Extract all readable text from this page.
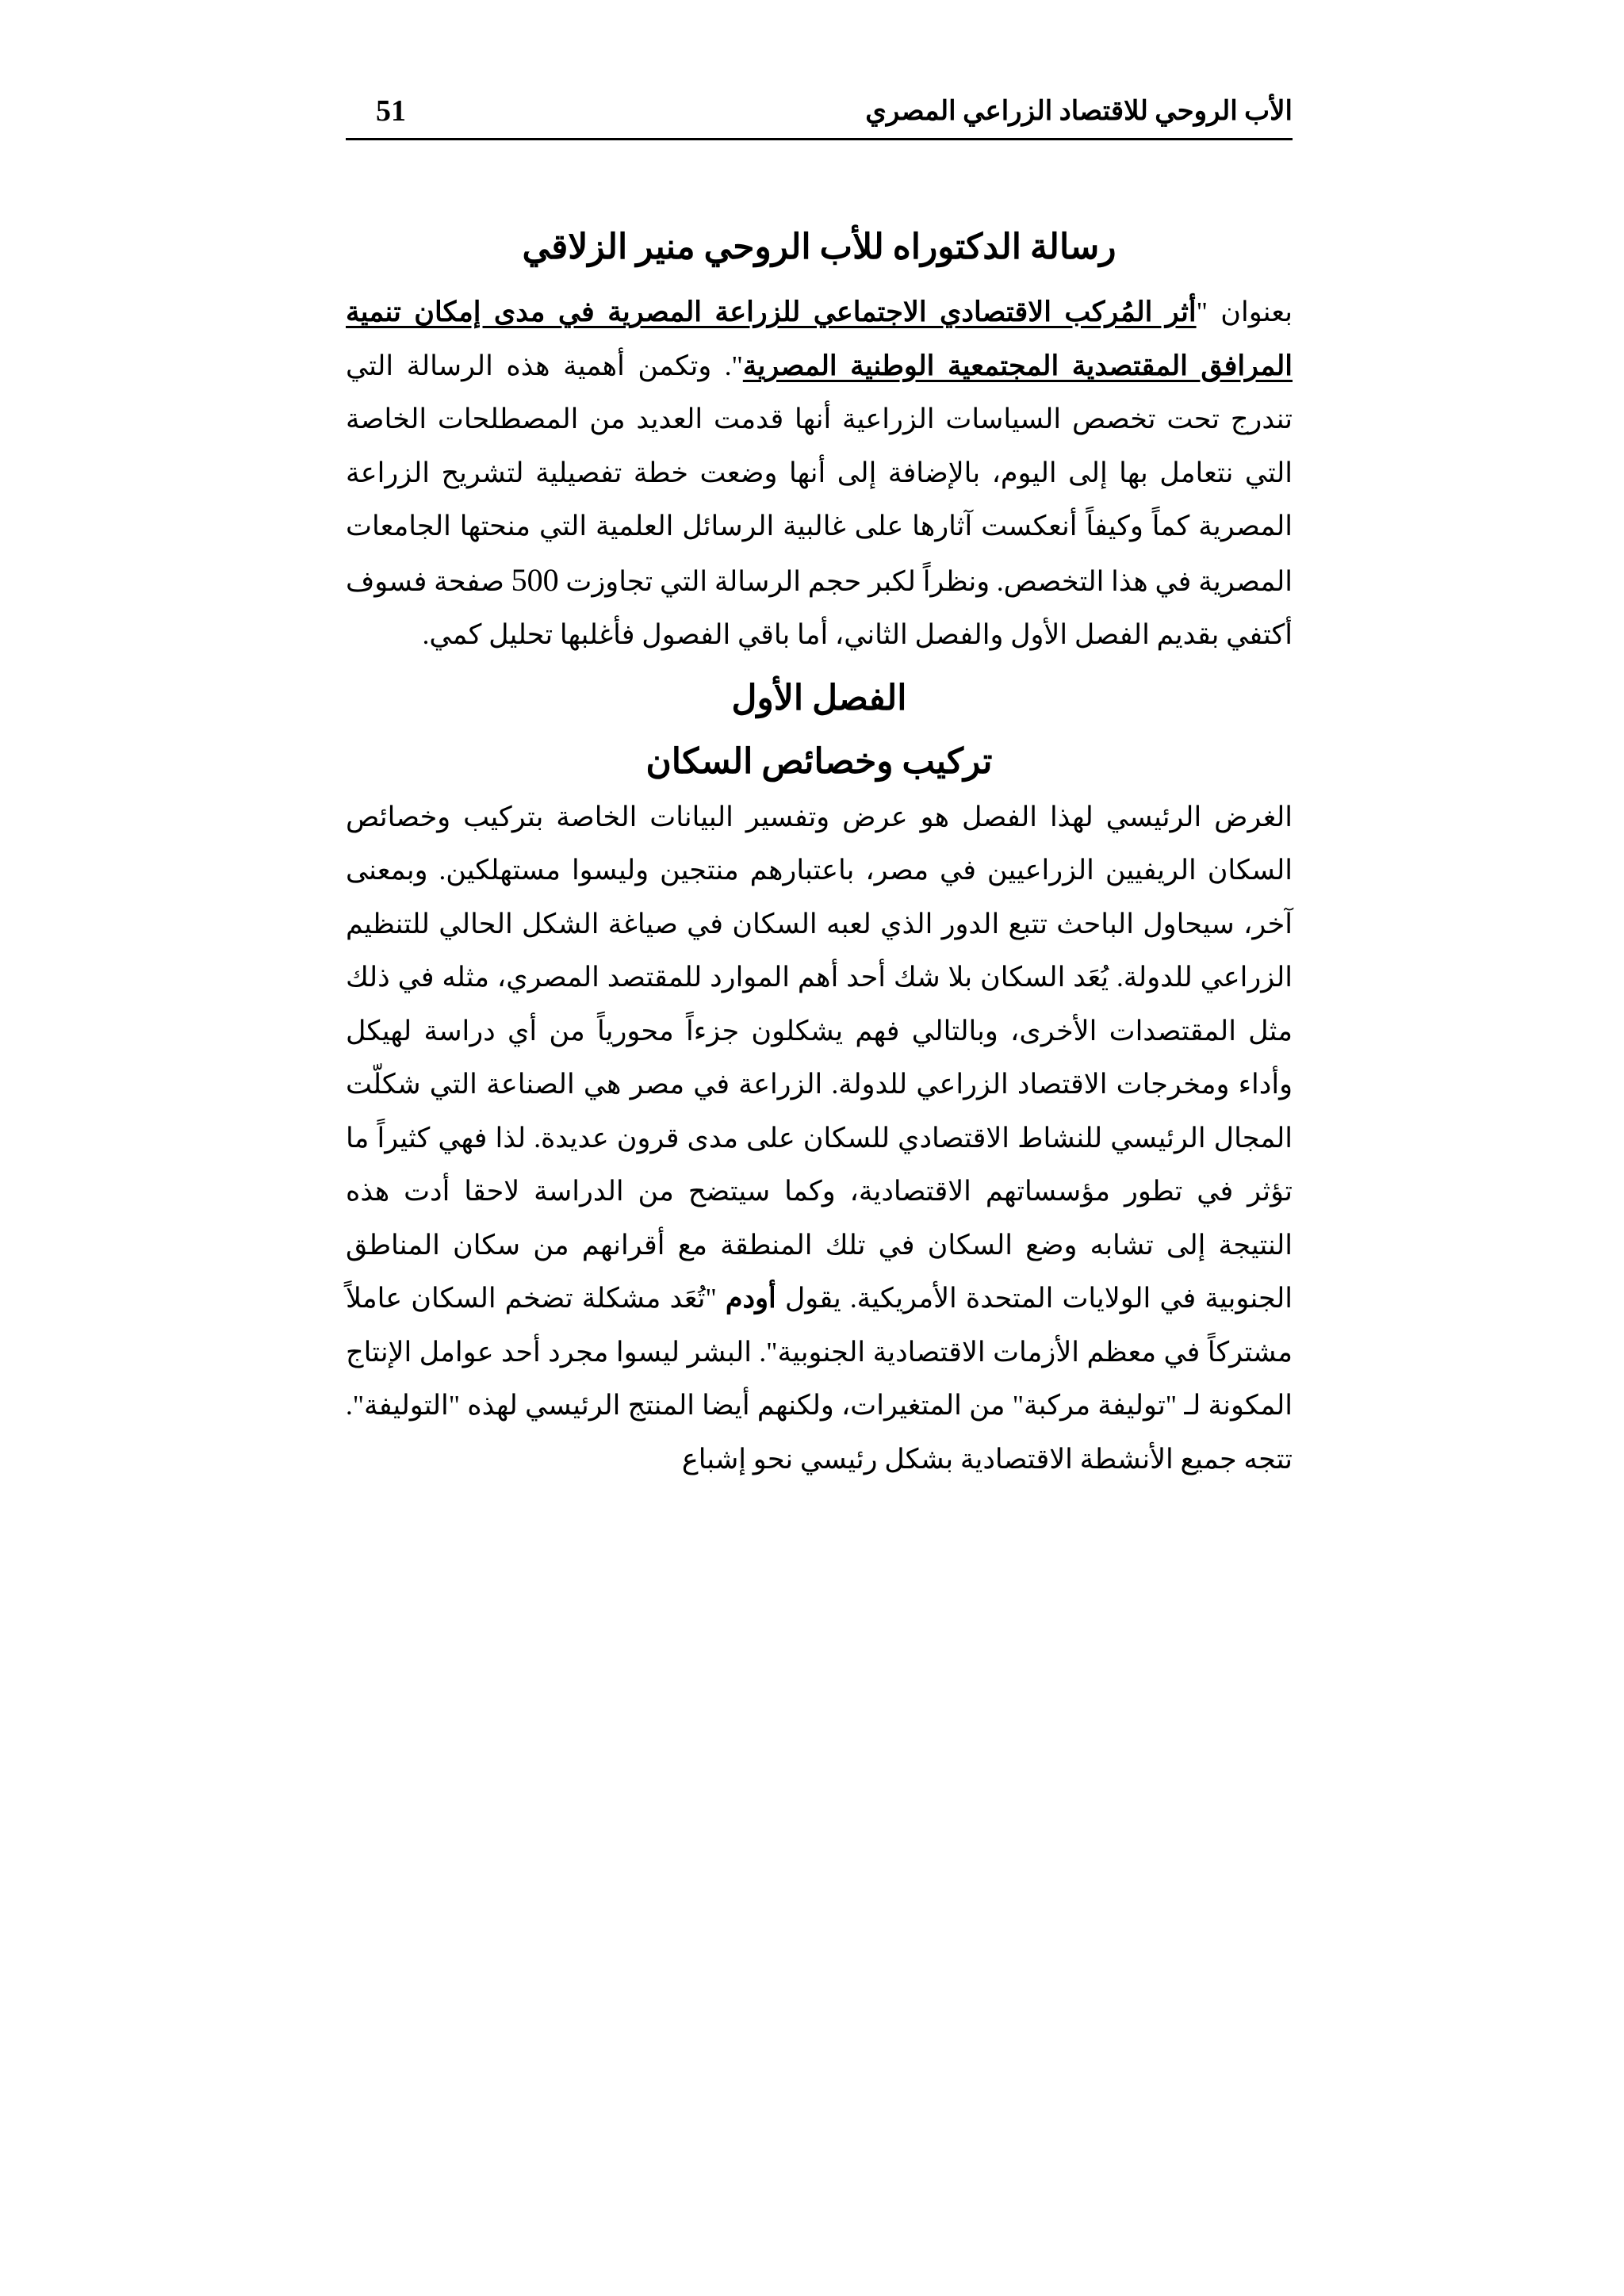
الأب الروحي للاقتصاد الزراعي المصري
51
رسالة الدكتوراه للأب الروحي منير الزلاقي

بعنوان "أثر المُركب الاقتصادي الاجتماعي للزراعة المصرية في مدى إمكان تنمية المرافق المقتصدية المجتمعية الوطنية المصرية". وتكمن أهمية هذه الرسالة التي تندرج تحت تخصص السياسات الزراعية أنها قدمت العديد من المصطلحات الخاصة التي نتعامل بها إلى اليوم، بالإضافة إلى أنها وضعت خطة تفصيلية لتشريح الزراعة المصرية كماً وكيفاً أنعكست آثارها على غالبية الرسائل العلمية التي منحتها الجامعات المصرية في هذا التخصص. ونظراً لكبر حجم الرسالة التي تجاوزت 500 صفحة فسوف أكتفي بقديم الفصل الأول والفصل الثاني، أما باقي الفصول فأغلبها تحليل كمي.

الفصل الأول
تركيب وخصائص السكان

الغرض الرئيسي لهذا الفصل هو عرض وتفسير البيانات الخاصة بتركيب وخصائص السكان الريفيين الزراعيين في مصر، باعتبارهم منتجين وليسوا مستهلكين. وبمعنى آخر، سيحاول الباحث تتبع الدور الذي لعبه السكان في صياغة الشكل الحالي للتنظيم الزراعي للدولة. يُعَد السكان بلا شك أحد أهم الموارد للمقتصد المصري، مثله في ذلك مثل المقتصدات الأخرى، وبالتالي فهم يشكلون جزءاً محورياً من أي دراسة لهيكل وأداء ومخرجات الاقتصاد الزراعي للدولة. الزراعة في مصر هي الصناعة التي شكلّت المجال الرئيسي للنشاط الاقتصادي للسكان على مدى قرون عديدة. لذا فهي كثيراً ما تؤثر في تطور مؤسساتهم الاقتصادية، وكما سيتضح من الدراسة لاحقا أدت هذه النتيجة إلى تشابه وضع السكان في تلك المنطقة مع أقرانهم من سكان المناطق الجنوبية في الولايات المتحدة الأمريكية. يقول أودم "تُعَد مشكلة تضخم السكان عاملاً مشتركاً في معظم الأزمات الاقتصادية الجنوبية". البشر ليسوا مجرد أحد عوامل الإنتاج المكونة لـ "توليفة مركبة" من المتغيرات، ولكنهم أيضا المنتج الرئيسي لهذه "التوليفة". تتجه جميع الأنشطة الاقتصادية بشكل رئيسي نحو إشباع
